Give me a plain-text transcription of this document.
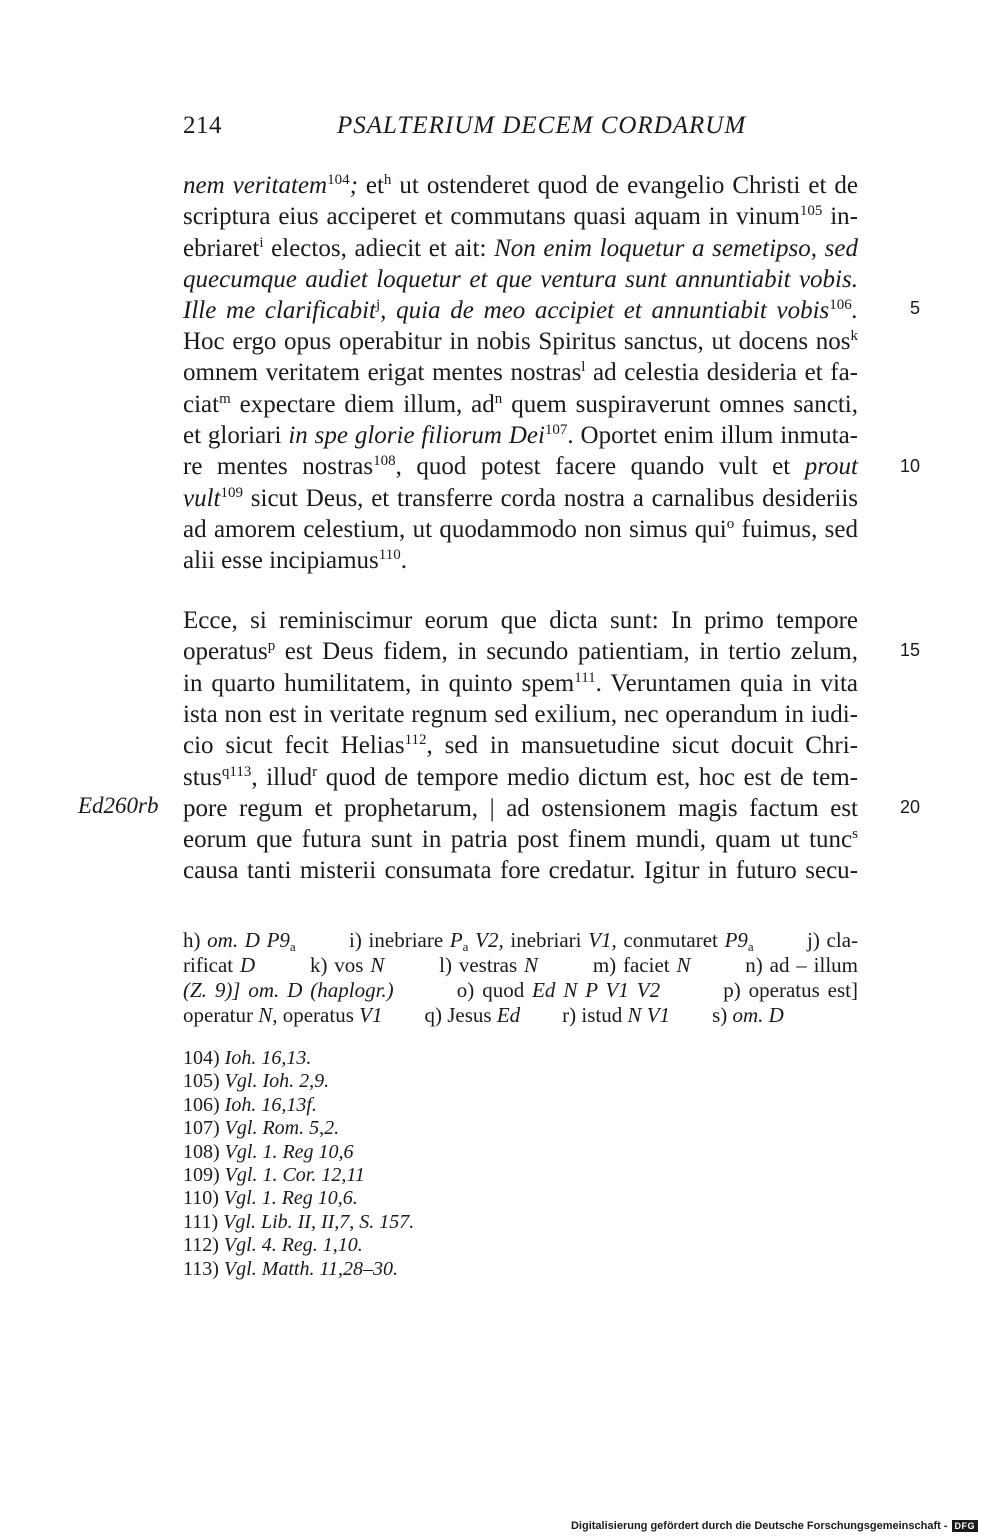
214	PSALTERIUM DECEM CORDARUM
nem veritatem$^{104}$; $et^h$ ut ostenderet quod de evangelio Christi et de
scriptura eius acciperet et commutans quasi aquam in vinum$^{105}$ in-
ebriaret$^i$ electos, adiecit et ait: Non enim loquetur a semetipso, sed
quecumque audiet loquetur et que ventura sunt annuntiabit vobis.
Ille me clarificabit$^j$, quia de meo accipiet et annuntiabit vobis$^{106}$.
Hoc ergo opus operabitur in nobis Spiritus sanctus, ut docens nos$^k$
omnem veritatem erigat mentes nostras$^l$ ad celestia desideria et fa-
ciat$^m$ expectare diem illum, $ad^n$ quem suspiraverunt omnes sancti,
et gloriari in spe glorie filiorum Dei$^{107}$. Oportet enim illum inmuta-
re mentes nostras$^{108}$, quod potest facere quando vult et prout
vult$^{109}$ sicut Deus, et transferre corda nostra a carnalibus desideriis
ad amorem celestium, ut quodammodo non simus qui$^o$ fuimus, sed
alii esse incipiamus$^{110}$.
Ecce, si reminiscimur eorum que dicta sunt: In primo tempore
operatus$^p$ est Deus fidem, in secundo patientiam, in tertio zelum,
in quarto humilitatem, in quinto spem$^{111}$. Veruntamen quia in vita
ista non est in veritate regnum sed exilium, nec operandum in iudi-
cio sicut fecit Helias$^{112}$, sed in mansuetudine sicut docuit Chri-
stus$^{q113}$, illud$^r$ quod de tempore medio dictum est, hoc est de tem-
pore regum et prophetarum, | ad ostensionem magis factum est
eorum que futura sunt in patria post finem mundi, quam ut tunc$^s$
causa tanti misterii consumata fore credatur. Igitur in futuro secu-
5
10
15
20
Ed260rb
h) om. D $P9_a$        i) inebriare $P_a$ V2, inebriari V1, conmutaret $P9_a$        j) cla-
rificat D        k) vos N        l) vestras N        m) faciet N        n) ad – illum
(Z. 9)] om. D (haplogr.)        o) quod Ed N P V1 V2        p) operatus est]
operatur N, operatus V1        q) Jesus Ed        r) istud N V1        s) om. D
104) Ioh. 16,13.
105) Vgl. Ioh. 2,9.
106) Ioh. 16,13f.
107) Vgl. Rom. 5,2.
108) Vgl. 1. Reg 10,6
109) Vgl. 1. Cor. 12,11
110) Vgl. 1. Reg 10,6.
111) Vgl. Lib. II, II,7, S. 157.
112) Vgl. 4. Reg. 1,10.
113) Vgl. Matth. 11,28–30.
Digitalisierung gefördert durch die Deutsche Forschungsgemeinschaft - DFG
